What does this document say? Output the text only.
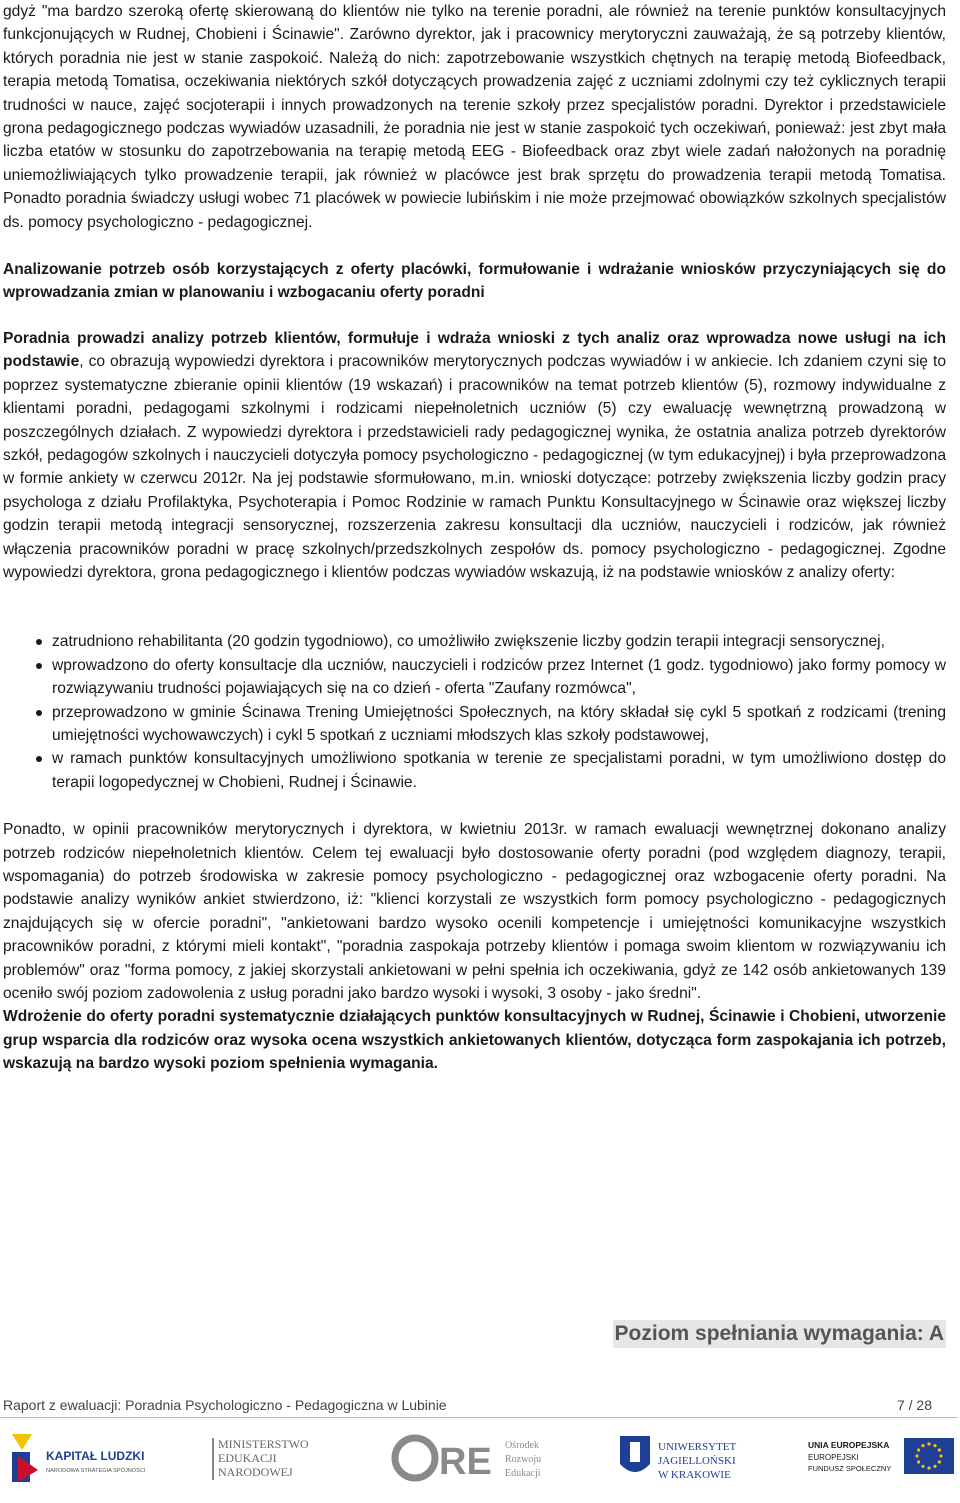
gdyż "ma bardzo szeroką ofertę skierowaną do klientów nie tylko na terenie poradni, ale również na terenie punktów konsultacyjnych funkcjonujących w Rudnej, Chobieni i Ścinawie". Zarówno dyrektor, jak i pracownicy merytoryczni zauważają, że są potrzeby klientów, których poradnia nie jest w stanie zaspokoić. Należą do nich: zapotrzebowanie wszystkich chętnych na terapię metodą Biofeedback, terapia metodą Tomatisa, oczekiwania niektórych szkół dotyczących prowadzenia zajęć z uczniami zdolnymi czy też cyklicznych terapii trudności w nauce, zajęć socjoterapii i innych prowadzonych na terenie szkoły przez specjalistów poradni. Dyrektor i przedstawiciele grona pedagogicznego podczas wywiadów uzasadnili, że poradnia nie jest w stanie zaspokoić tych oczekiwań, ponieważ: jest zbyt mała liczba etatów w stosunku do zapotrzebowania na terapię metodą EEG - Biofeedback oraz zbyt wiele zadań nałożonych na poradnię uniemożliwiających tylko prowadzenie terapii, jak również w placówce jest brak sprzętu do prowadzenia terapii metodą Tomatisa. Ponadto poradnia świadczy usługi wobec 71 placówek w powiecie lubińskim i nie może przejmować obowiązków szkolnych specjalistów ds. pomocy psychologiczno - pedagogicznej.

Analizowanie potrzeb osób korzystających z oferty placówki, formułowanie i wdrażanie wniosków przyczyniających się do wprowadzania zmian w planowaniu i wzbogacaniu oferty poradni

Poradnia prowadzi analizy potrzeb klientów, formułuje i wdraża wnioski z tych analiz oraz wprowadza nowe usługi na ich podstawie, co obrazują wypowiedzi dyrektora i pracowników merytorycznych podczas wywiadów i w ankiecie. Ich zdaniem czyni się to poprzez systematyczne zbieranie opinii klientów (19 wskazań) i pracowników na temat potrzeb klientów (5), rozmowy indywidualne z klientami poradni, pedagogami szkolnymi i rodzicami niepełnoletnich uczniów (5) czy ewaluację wewnętrzną prowadzoną w poszczególnych działach. Z wypowiedzi dyrektora i przedstawicieli rady pedagogicznej wynika, że ostatnia analiza potrzeb dyrektorów szkół, pedagogów szkolnych i nauczycieli dotyczyła pomocy psychologiczno - pedagogicznej (w tym edukacyjnej) i była przeprowadzona w formie ankiety w czerwcu 2012r. Na jej podstawie sformułowano, m.in. wnioski dotyczące: potrzeby zwiększenia liczby godzin pracy psychologa z działu Profilaktyka, Psychoterapia i Pomoc Rodzinie w ramach Punktu Konsultacyjnego w Ścinawie oraz większej liczby godzin terapii metodą integracji sensorycznej, rozszerzenia zakresu konsultacji dla uczniów, nauczycieli i rodziców, jak również włączenia pracowników poradni w pracę szkolnych/przedszkolnych zespołów ds. pomocy psychologiczno - pedagogicznej. Zgodne wypowiedzi dyrektora, grona pedagogicznego i klientów podczas wywiadów wskazują, iż na podstawie wniosków z analizy oferty:

zatrudniono rehabilitanta (20 godzin tygodniowo), co umożliwiło zwiększenie liczby godzin terapii integracji sensorycznej,
wprowadzono do oferty konsultacje dla uczniów, nauczycieli i rodziców przez Internet (1 godz. tygodniowo) jako formy pomocy w rozwiązywaniu trudności pojawiających się na co dzień - oferta "Zaufany rozmówca",
przeprowadzono w gminie Ścinawa Trening Umiejętności Społecznych, na który składał się cykl 5 spotkań z rodzicami (trening umiejętności wychowawczych) i cykl 5 spotkań z uczniami młodszych klas szkoły podstawowej,
w ramach punktów konsultacyjnych umożliwiono spotkania w terenie ze specjalistami poradni, w tym umożliwiono dostęp do terapii logopedycznej w Chobieni, Rudnej i Ścinawie.

Ponadto, w opinii pracowników merytorycznych i dyrektora, w kwietniu 2013r. w ramach ewaluacji wewnętrznej dokonano analizy potrzeb rodziców niepełnoletnich klientów. Celem tej ewaluacji było dostosowanie oferty poradni (pod względem diagnozy, terapii, wspomagania) do potrzeb środowiska w zakresie pomocy psychologiczno - pedagogicznej oraz wzbogacenie oferty poradni. Na podstawie analizy wyników ankiet stwierdzono, iż: "klienci korzystali ze wszystkich form pomocy psychologiczno - pedagogicznych znajdujących się w ofercie poradni", "ankietowani bardzo wysoko ocenili kompetencje i umiejętności komunikacyjne wszystkich pracowników poradni, z którymi mieli kontakt", "poradnia zaspokaja potrzeby klientów i pomaga swoim klientom w rozwiązywaniu ich problemów" oraz "forma pomocy, z jakiej skorzystali ankietowani w pełni spełnia ich oczekiwania, gdyż ze 142 osób ankietowanych 139 oceniło swój poziom zadowolenia z usług poradni jako bardzo wysoki i wysoki, 3 osoby - jako średni".

Wdrożenie do oferty poradni systematycznie działających punktów konsultacyjnych w Rudnej, Ścinawie i Chobieni, utworzenie grup wsparcia dla rodziców oraz wysoka ocena wszystkich ankietowanych klientów, dotycząca form zaspokajania ich potrzeb, wskazują na bardzo wysoki poziom spełnienia wymagania.

Poziom spełniania wymagania: A
Raport z ewaluacji: Poradnia Psychologiczno - Pedagogiczna w Lubinie	7 / 28
KAPITAŁ LUDZKI
NARODOWA STRATEGIA SPÓJNOŚCI
MINISTERSTWO
EDUKACJI
NARODOWEJ	RE Ośrodek
Rozwoju
Edukacji
UNIWERSYTET
JAGIELLOŃSKI
W KRAKOWIE
UNIA EUROPEJSKA
EUROPEJSKI
FUNDUSZ SPOŁECZNY
